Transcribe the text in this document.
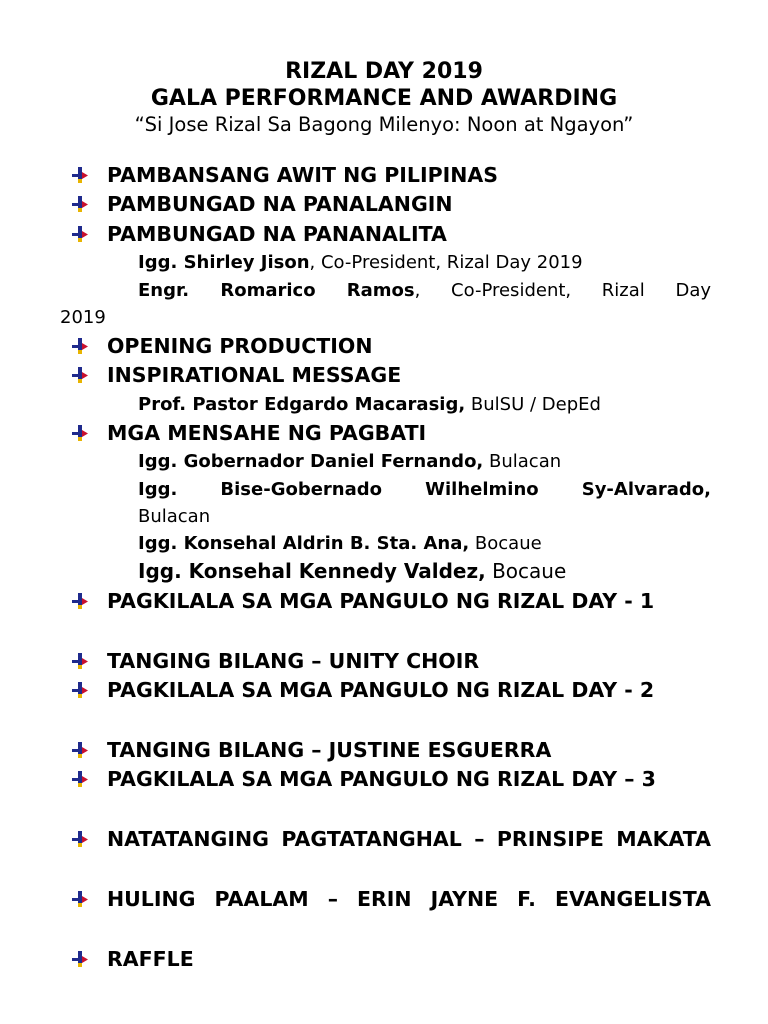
RIZAL DAY 2019
GALA PERFORMANCE AND AWARDING
“Si Jose Rizal Sa Bagong Milenyo: Noon at Ngayon”
PAMBANSANG AWIT NG PILIPINAS
PAMBUNGAD NA PANALANGIN
PAMBUNGAD NA PANANALITA
Igg. Shirley Jison, Co-President, Rizal Day 2019
Engr. Romarico Ramos, Co-President, Rizal Day
2019
OPENING PRODUCTION
INSPIRATIONAL MESSAGE
Prof. Pastor Edgardo Macarasig, BulSU / DepEd
MGA MENSAHE NG PAGBATI
Igg. Gobernador Daniel Fernando, Bulacan
Igg. Bise-Gobernado Wilhelmino Sy-Alvarado,
Bulacan
Igg. Konsehal Aldrin B. Sta. Ana, Bocaue
Igg. Konsehal Kennedy Valdez, Bocaue
PAGKILALA SA MGA PANGULO NG RIZAL DAY - 1
TANGING BILANG – UNITY CHOIR
PAGKILALA SA MGA PANGULO NG RIZAL DAY - 2
TANGING BILANG – JUSTINE ESGUERRA
PAGKILALA SA MGA PANGULO NG RIZAL DAY – 3
NATATANGING PAGTATANGHAL – PRINSIPE MAKATA
HULING PAALAM – ERIN JAYNE F. EVANGELISTA
RAFFLE
